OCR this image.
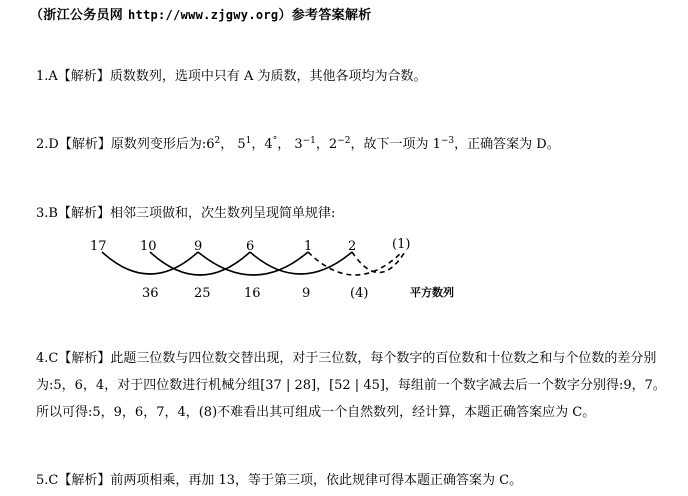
（浙江公务员网 http://www.zjgwy.org）参考答案解析
1.A【解析】质数数列，选项中只有 A 为质数，其他各项均为合数。
2.D【解析】原数列变形后为$:6^2$， $5^1$，4°， $3^{-1}$，$2^{-2}$，故下一项为 $1^{-3}$，正确答案为 D。
3.B【解析】相邻三项做和，次生数列呈现简单规律:
17	10	9	6	1	2	(1)
36	25	16	9	(4)	平方数列
4.C【解析】此题三位数与四位数交替出现，对于三位数，每个数字的百位数和十位数之和与个位数的差分别为:5，6，4，对于四位数进行机械分组[37 | 28]，[52 | 45]，每组前一个数字减去后一个数字分别得:9，7。所以可得:5，9，6，7，4，(8)不难看出其可组成一个自然数列，经计算，本题正确答案应为 C。
5.C【解析】前两项相乘，再加 13，等于第三项，依此规律可得本题正确答案为 C。
